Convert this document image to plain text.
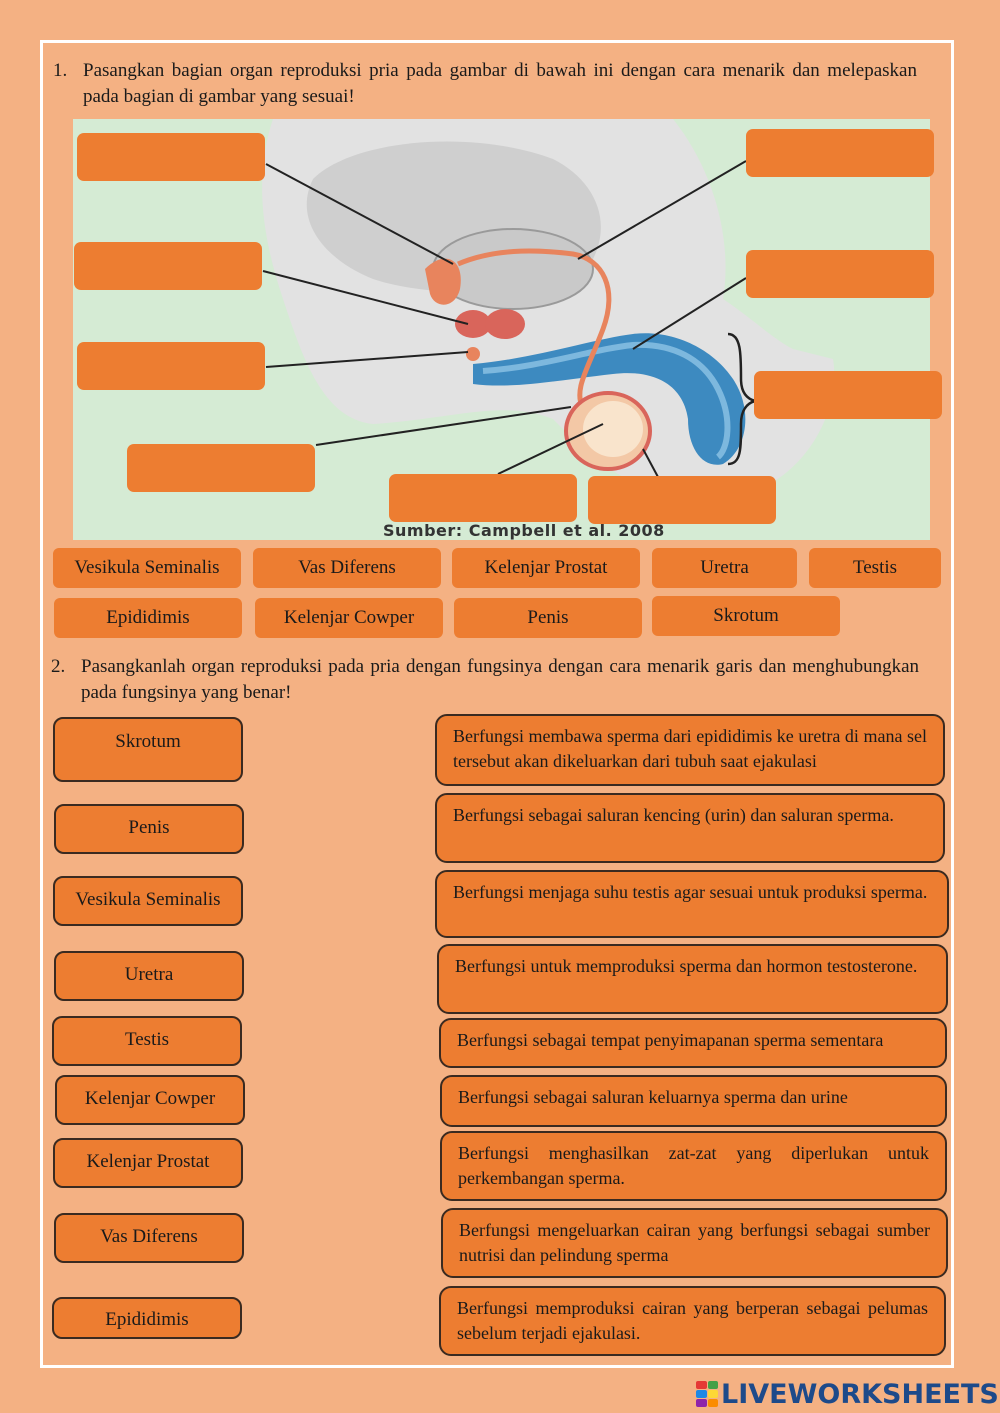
1. Pasangkan bagian organ reproduksi pria pada gambar di bawah ini dengan cara menarik dan melepaskan pada bagian di gambar yang sesuai!
Sumber: Campbell et al. 2008
Vesikula Seminalis	Vas Diferens	Kelenjar Prostat	Uretra	Testis
Epididimis	Kelenjar Cowper	Penis	Skrotum
2. Pasangkanlah organ reproduksi pada pria dengan fungsinya dengan cara menarik garis dan menghubungkan pada fungsinya yang benar!
Skrotum
Penis
Vesikula Seminalis
Uretra
Testis
Kelenjar Cowper
Kelenjar Prostat
Vas Diferens
Epididimis
Berfungsi membawa sperma dari epididimis ke uretra di mana sel tersebut akan dikeluarkan dari tubuh saat ejakulasi
Berfungsi sebagai saluran kencing (urin) dan saluran sperma.
Berfungsi menjaga suhu testis agar sesuai untuk produksi sperma.
Berfungsi untuk memproduksi sperma dan hormon testosterone.
Berfungsi sebagai tempat penyimapanan sperma sementara
Berfungsi sebagai saluran keluarnya sperma dan urine
Berfungsi menghasilkan zat-zat yang diperlukan untuk perkembangan sperma.
Berfungsi mengeluarkan cairan yang berfungsi sebagai sumber nutrisi dan pelindung sperma
Berfungsi memproduksi cairan yang berperan sebagai pelumas sebelum terjadi ejakulasi.
LIVEWORKSHEETS
